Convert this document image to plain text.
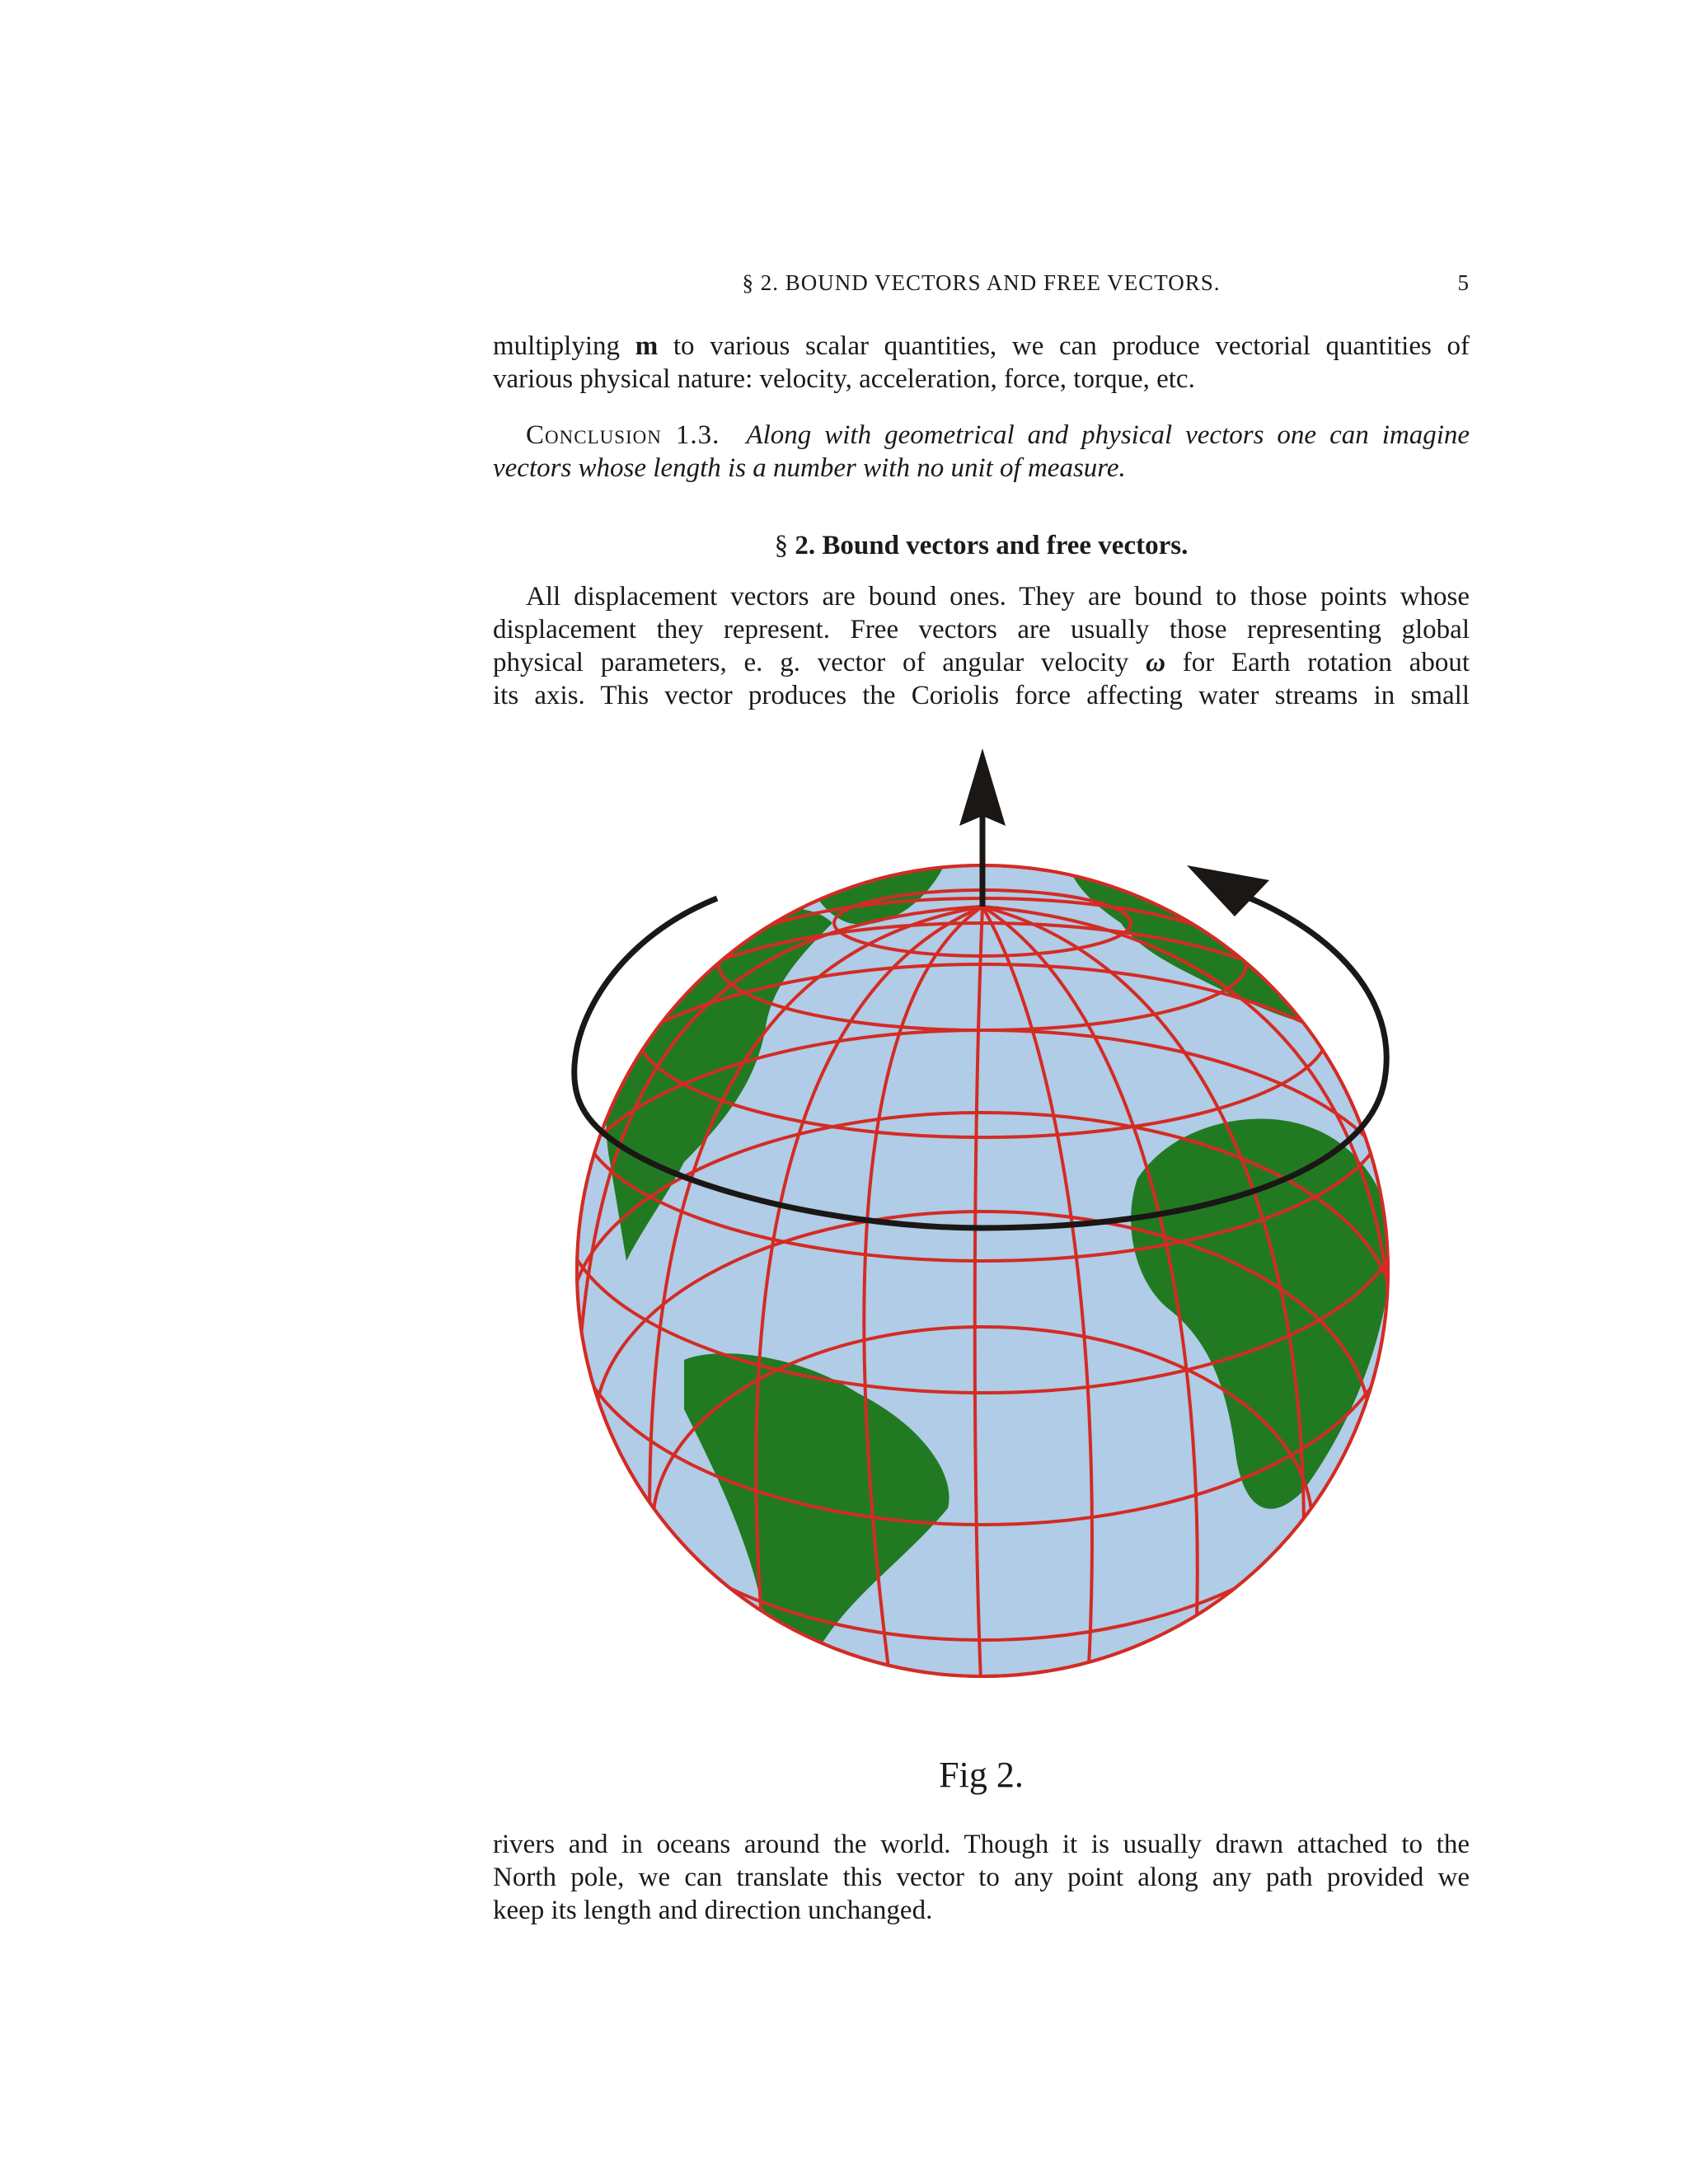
§ 2. BOUND VECTORS AND FREE VECTORS.	5
multiplying m to various scalar quantities, we can produce vectorial quantities of
various physical nature: velocity, acceleration, force, torque, etc.
Conclusion 1.3. Along with geometrical and physical vectors one can imagine
vectors whose length is a number with no unit of measure.
§ 2. Bound vectors and free vectors.
All displacement vectors are bound ones. They are bound to those points whose
displacement they represent. Free vectors are usually those representing global
physical parameters, e. g. vector of angular velocity ω for Earth rotation about
its axis. This vector produces the Coriolis force affecting water streams in small
Fig 2.
rivers and in oceans around the world. Though it is usually drawn attached to the
North pole, we can translate this vector to any point along any path provided we
keep its length and direction unchanged.
